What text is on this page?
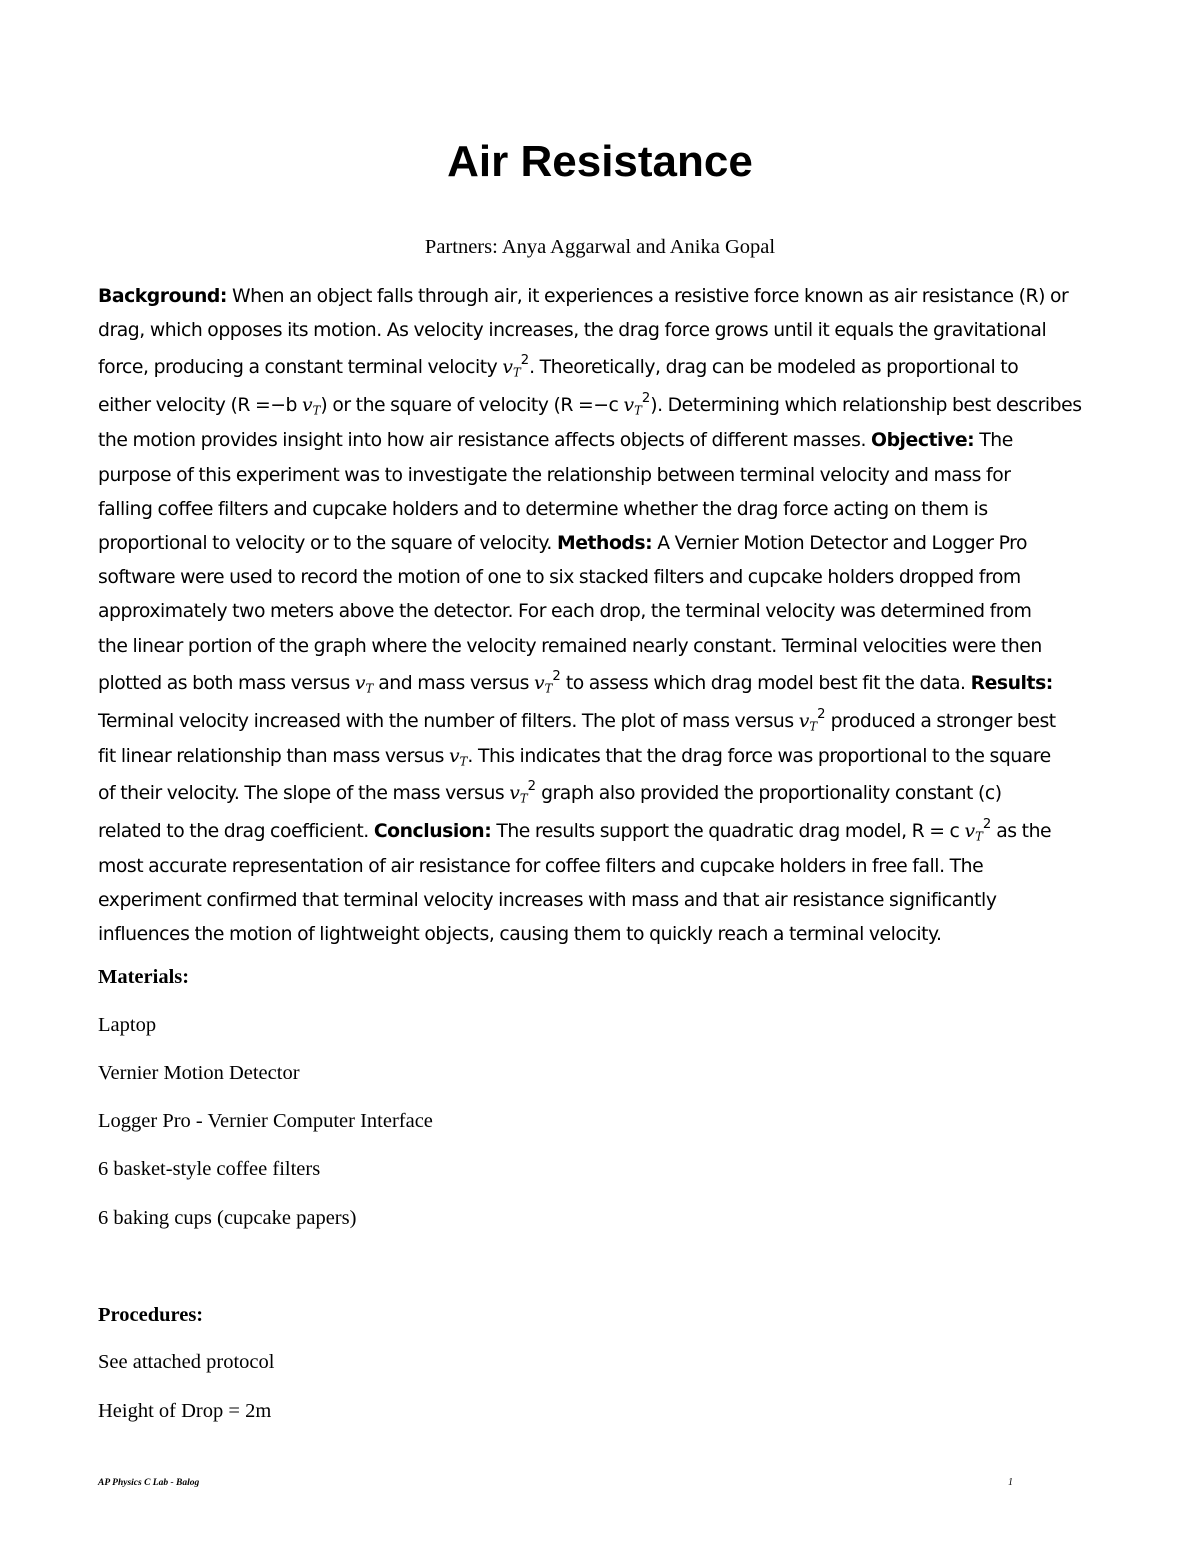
Air Resistance
Partners: Anya Aggarwal and Anika Gopal
Background: When an object falls through air, it experiences a resistive force known as air resistance (R) or
drag, which opposes its motion. As velocity increases, the drag force grows until it equals the gravitational
force, producing a constant terminal velocity $v_T^2$. Theoretically, drag can be modeled as proportional to
either velocity (R =−b $v_T$) or the square of velocity (R =−c $v_T^2$). Determining which relationship best describes
the motion provides insight into how air resistance affects objects of different masses. Objective: The
purpose of this experiment was to investigate the relationship between terminal velocity and mass for
falling coffee filters and cupcake holders and to determine whether the drag force acting on them is
proportional to velocity or to the square of velocity. Methods: A Vernier Motion Detector and Logger Pro
software were used to record the motion of one to six stacked filters and cupcake holders dropped from
approximately two meters above the detector. For each drop, the terminal velocity was determined from
the linear portion of the graph where the velocity remained nearly constant. Terminal velocities were then
plotted as both mass versus $v_T$ and mass versus $v_T^2$ to assess which drag model best fit the data. Results:
Terminal velocity increased with the number of filters. The plot of mass versus $v_T^2$ produced a stronger best
fit linear relationship than mass versus $v_T$. This indicates that the drag force was proportional to the square
of their velocity. The slope of the mass versus $v_T^2$ graph also provided the proportionality constant (c)
related to the drag coefficient. Conclusion: The results support the quadratic drag model, R = c $v_T^2$ as the
most accurate representation of air resistance for coffee filters and cupcake holders in free fall. The
experiment confirmed that terminal velocity increases with mass and that air resistance significantly
influences the motion of lightweight objects, causing them to quickly reach a terminal velocity.
Materials:
Laptop
Vernier Motion Detector
Logger Pro - Vernier Computer Interface
6 basket-style coffee filters
6 baking cups (cupcake papers)
Procedures:
See attached protocol
Height of Drop = 2m
AP Physics C Lab - Balog	1
